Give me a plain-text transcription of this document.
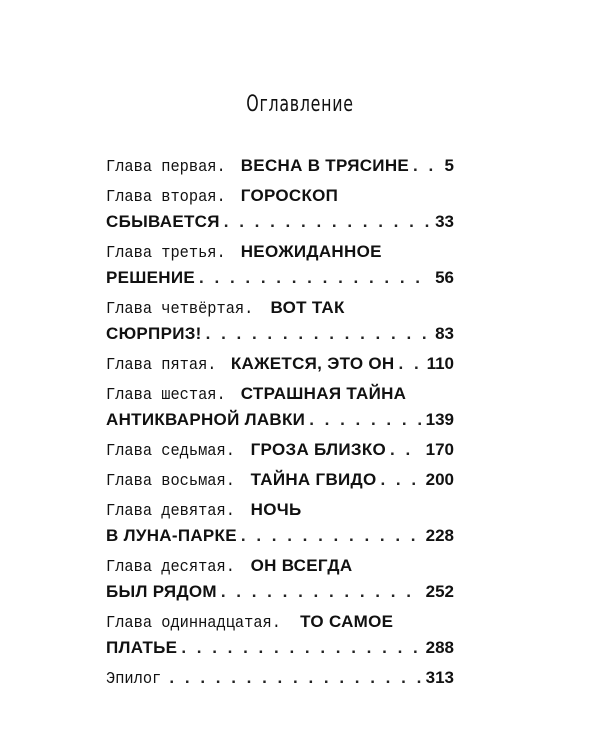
Оглавление
Глава первая. ВЕСНА В ТРЯСИНЕ . . . 5
Глава вторая. ГОРОСКОП
СБЫВАЕТСЯ . . .	33
Глава третья. НЕОЖИДАННОЕ
РЕШЕНИЕ . . .	56
Глава четвёртая. ВОТ ТАК
СЮРПРИЗ! . . .	83
Глава пятая. КАЖЕТСЯ, ЭТО ОН . . . 110
Глава шестая. СТРАШНАЯ ТАЙНА
АНТИКВАРНОЙ ЛАВКИ . . .	139
Глава седьмая. ГРОЗА БЛИЗКО . . . 170
Глава восьмая. ТАЙНА ГВИДО . . .	200
Глава девятая. НОЧЬ
В ЛУНА-ПАРКЕ . . .	228
Глава десятая. ОН ВСЕГДА
БЫЛ РЯДОМ . . .	252
Глава одиннадцатая. ТО САМОЕ
ПЛАТЬЕ . . .	288
Эпилог . . .	313
